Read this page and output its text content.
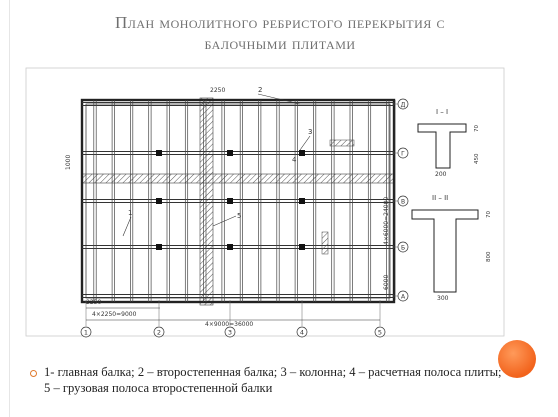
План монолитного ребристого перекрытия с
балочными плитами
1	2	3	4	5
Д
Г
В
Б
А
2250
1000
4×6000=24000
6000
2250
4×2250=9000
4×9000=36000
1
2
3
4
5
I – I
70
450
200
II – II
70
800
300
1- главная балка; 2 – второстепенная балка; 3 – колонна; 4 – расчетная полоса плиты; 5 – грузовая полоса второстепенной балки
